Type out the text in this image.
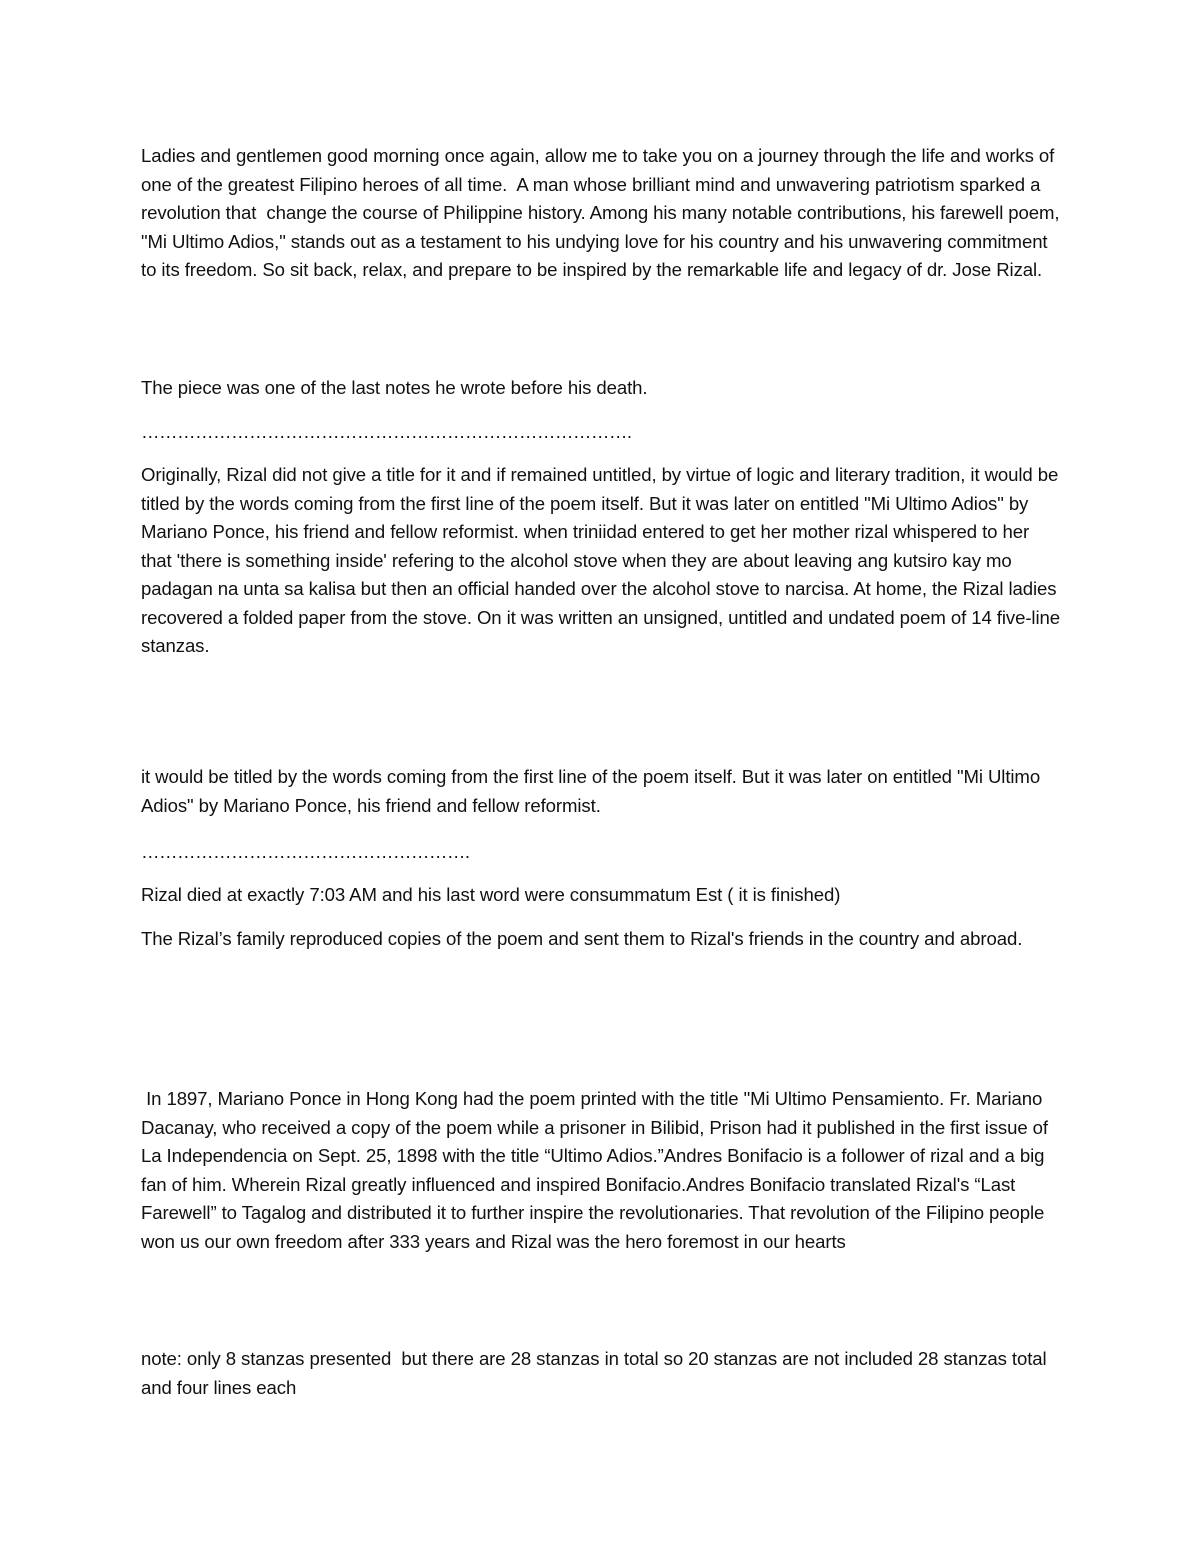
Ladies and gentlemen good morning once again, allow me to take you on a journey through the life and works of one of the greatest Filipino heroes of all time.  A man whose brilliant mind and unwavering patriotism sparked a revolution that  change the course of Philippine history. Among his many notable contributions, his farewell poem, "Mi Ultimo Adios," stands out as a testament to his undying love for his country and his unwavering commitment to its freedom. So sit back, relax, and prepare to be inspired by the remarkable life and legacy of dr. Jose Rizal.

The piece was one of the last notes he wrote before his death.

……………………………………………………………………….

Originally, Rizal did not give a title for it and if remained untitled, by virtue of logic and literary tradition, it would be titled by the words coming from the first line of the poem itself. But it was later on entitled "Mi Ultimo Adios" by Mariano Ponce, his friend and fellow reformist. when triniidad entered to get her mother rizal whispered to her that 'there is something inside' refering to the alcohol stove when they are about leaving ang kutsiro kay mo padagan na unta sa kalisa but then an official handed over the alcohol stove to narcisa. At home, the Rizal ladies recovered a folded paper from the stove. On it was written an unsigned, untitled and undated poem of 14 five-line stanzas.

it would be titled by the words coming from the first line of the poem itself. But it was later on entitled "Mi Ultimo Adios" by Mariano Ponce, his friend and fellow reformist.

……………………………………………….

Rizal died at exactly 7:03 AM and his last word were consummatum Est ( it is finished)

The Rizal’s family reproduced copies of the poem and sent them to Rizal's friends in the country and abroad.

In 1897, Mariano Ponce in Hong Kong had the poem printed with the title "Mi Ultimo Pensamiento. Fr. Mariano Dacanay, who received a copy of the poem while a prisoner in Bilibid, Prison had it published in the first issue of La Independencia on Sept. 25, 1898 with the title “Ultimo Adios.”Andres Bonifacio is a follower of rizal and a big fan of him. Wherein Rizal greatly influenced and inspired Bonifacio.Andres Bonifacio translated Rizal's “Last Farewell” to Tagalog and distributed it to further inspire the revolutionaries. That revolution of the Filipino people won us our own freedom after 333 years and Rizal was the hero foremost in our hearts

note: only 8 stanzas presented  but there are 28 stanzas in total so 20 stanzas are not included 28 stanzas total and four lines each
